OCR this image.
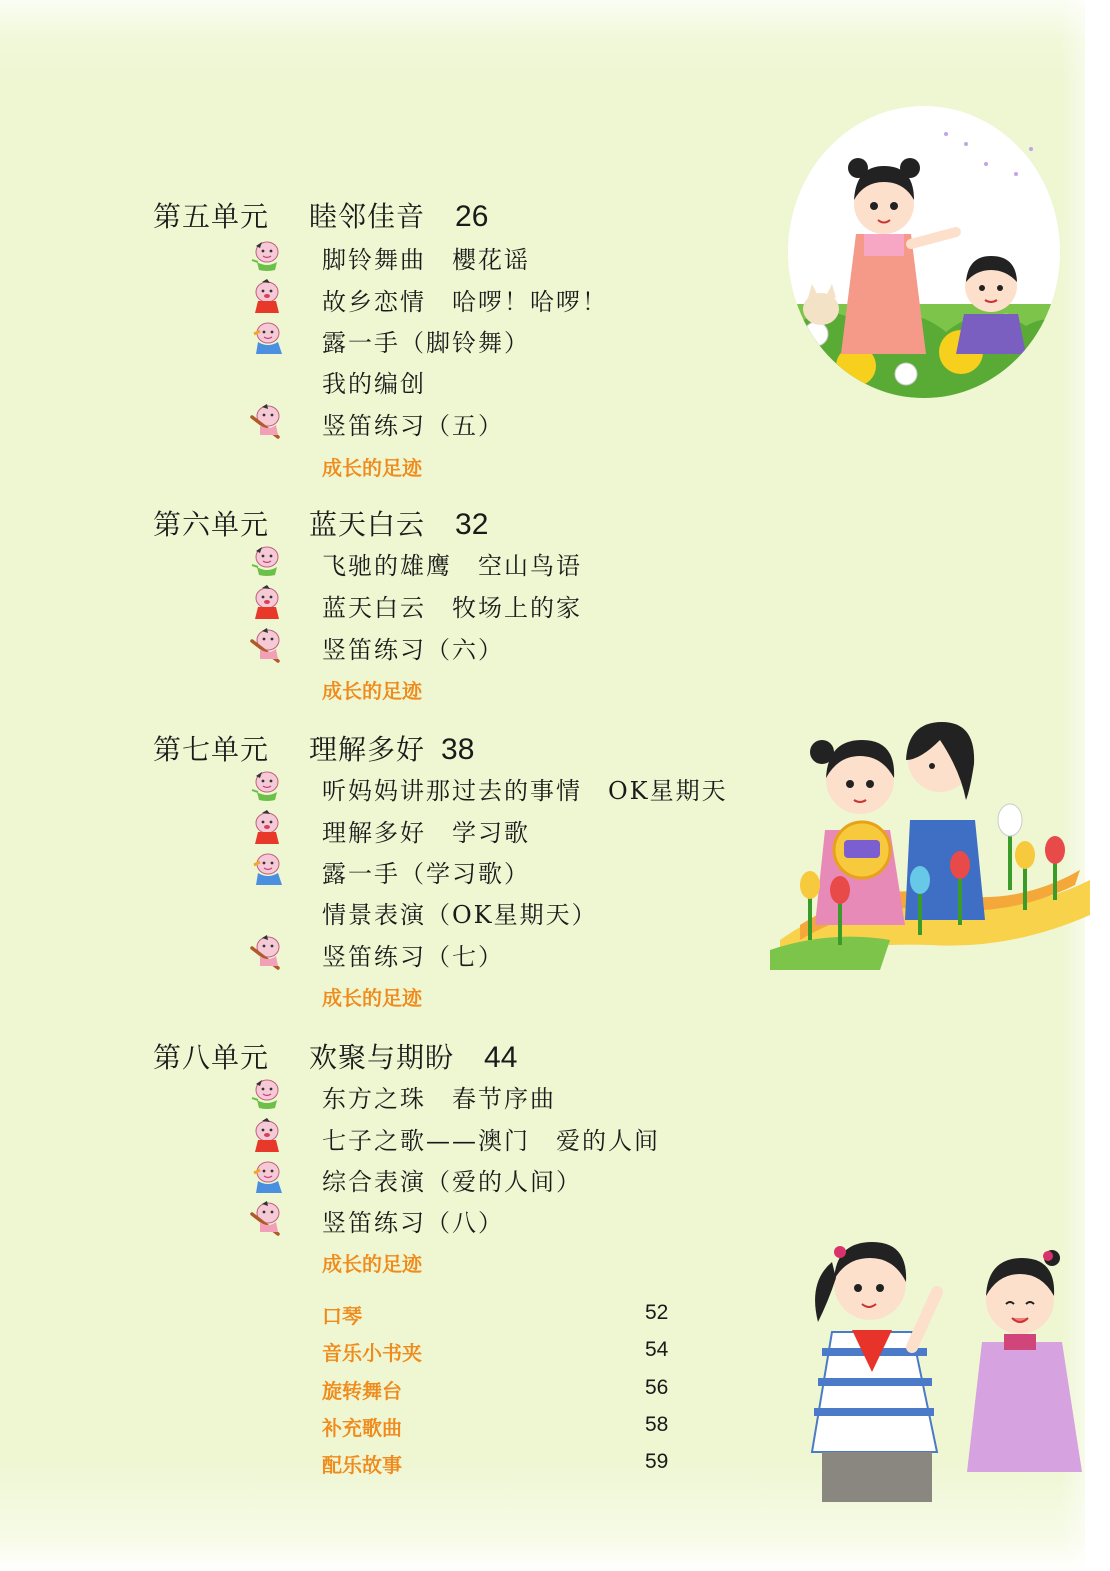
第五单元 睦邻佳音 26
脚铃舞曲　櫻花谣
故乡恋情　哈啰！哈啰！
露一手（脚铃舞）
我的编创
竖笛练习（五）
成长的足迹
第六单元 蓝天白云 32
飞驰的雄鹰　空山鸟语
蓝天白云　牧场上的家
竖笛练习（六）
成长的足迹
第七单元 理解多好 38
听妈妈讲那过去的事情　OK星期天
理解多好　学习歌
露一手（学习歌）
情景表演（OK星期天）
竖笛练习（七）
成长的足迹
第八单元 欢聚与期盼 44
东方之珠　春节序曲
七子之歌——澳门　爱的人间
综合表演（爱的人间）
竖笛练习（八）
成长的足迹
口琴	52
音乐小书夹	54
旋转舞台	56
补充歌曲	58
配乐故事	59
